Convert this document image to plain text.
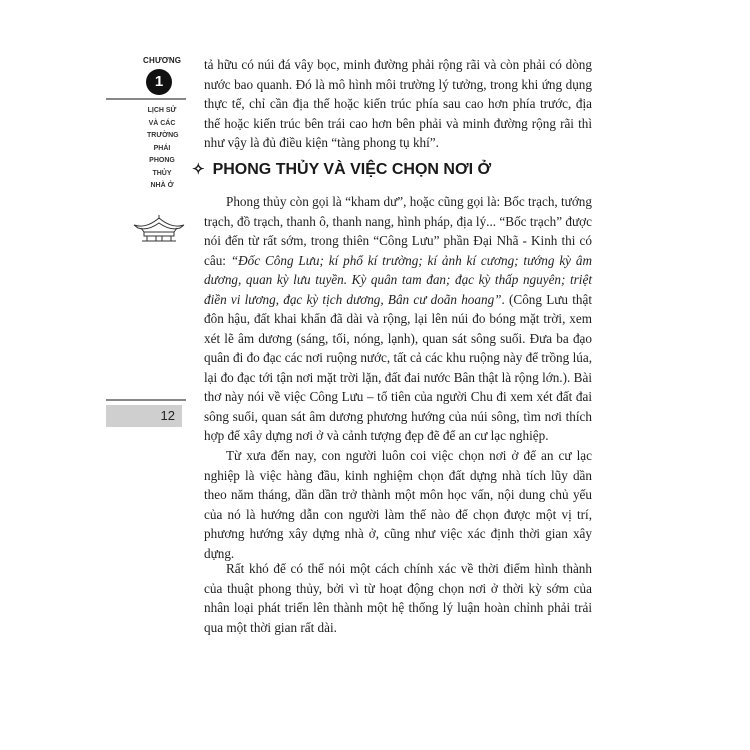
CHƯƠNG
1

LỊCH SỬ
VÀ CÁC
TRƯỜNG
PHÁI
PHONG
THỦY
NHÀ Ở

12

tả hữu có núi đá vây bọc, minh đường phải rộng rãi và còn phải có dòng nước bao quanh. Đó là mô hình môi trường lý tưởng, trong khi ứng dụng thực tế, chỉ cần địa thế hoặc kiến trúc phía sau cao hơn phía trước, địa thế hoặc kiến trúc bên trái cao hơn bên phải và minh đường rộng rãi thì như vậy là đủ điều kiện “tàng phong tụ khí”.

✧ PHONG THỦY VÀ VIỆC CHỌN NƠI Ở

Phong thủy còn gọi là “kham dư”, hoặc cũng gọi là: Bốc trạch, tướng trạch, đồ trạch, thanh ô, thanh nang, hình pháp, địa lý... “Bốc trạch” được nói đến từ rất sớm, trong thiên “Công Lưu” phần Đại Nhã - Kinh thi có câu: “Đốc Công Lưu; kí phổ kí trường; kí ảnh kí cương; tướng kỳ âm dương, quan kỳ lưu tuyền. Kỳ quân tam đan; đạc kỳ thấp nguyên; triệt điền vi lương, đạc kỳ tịch dương, Bân cư doãn hoang”. (Công Lưu thật đôn hậu, đất khai khẩn đã dài và rộng, lại lên núi đo bóng mặt trời, xem xét lẽ âm dương (sáng, tối, nóng, lạnh), quan sát sông suối. Đưa ba đạo quân đi đo đạc các nơi ruộng nước, tất cả các khu ruộng này để trồng lúa, lại đo đạc tới tận nơi mặt trời lặn, đất đai nước Bân thật là rộng lớn.). Bài thơ này nói về việc Công Lưu – tổ tiên của người Chu đi xem xét đất đai sông suối, quan sát âm dương phương hướng của núi sông, tìm nơi thích hợp để xây dựng nơi ở và cảnh tượng đẹp đẽ để an cư lạc nghiệp.

Từ xưa đến nay, con người luôn coi việc chọn nơi ở để an cư lạc nghiệp là việc hàng đầu, kinh nghiệm chọn đất dựng nhà tích lũy dần theo năm tháng, dần dần trở thành một môn học vấn, nội dung chủ yếu của nó là hướng dẫn con người làm thế nào để chọn được một vị trí, phương hướng xây dựng nhà ở, cũng như việc xác định thời gian xây dựng.

Rất khó để có thể nói một cách chính xác về thời điểm hình thành của thuật phong thủy, bởi vì từ hoạt động chọn nơi ở thời kỳ sớm của nhân loại phát triển lên thành một hệ thống lý luận hoàn chỉnh phải trải qua một thời gian rất dài.
